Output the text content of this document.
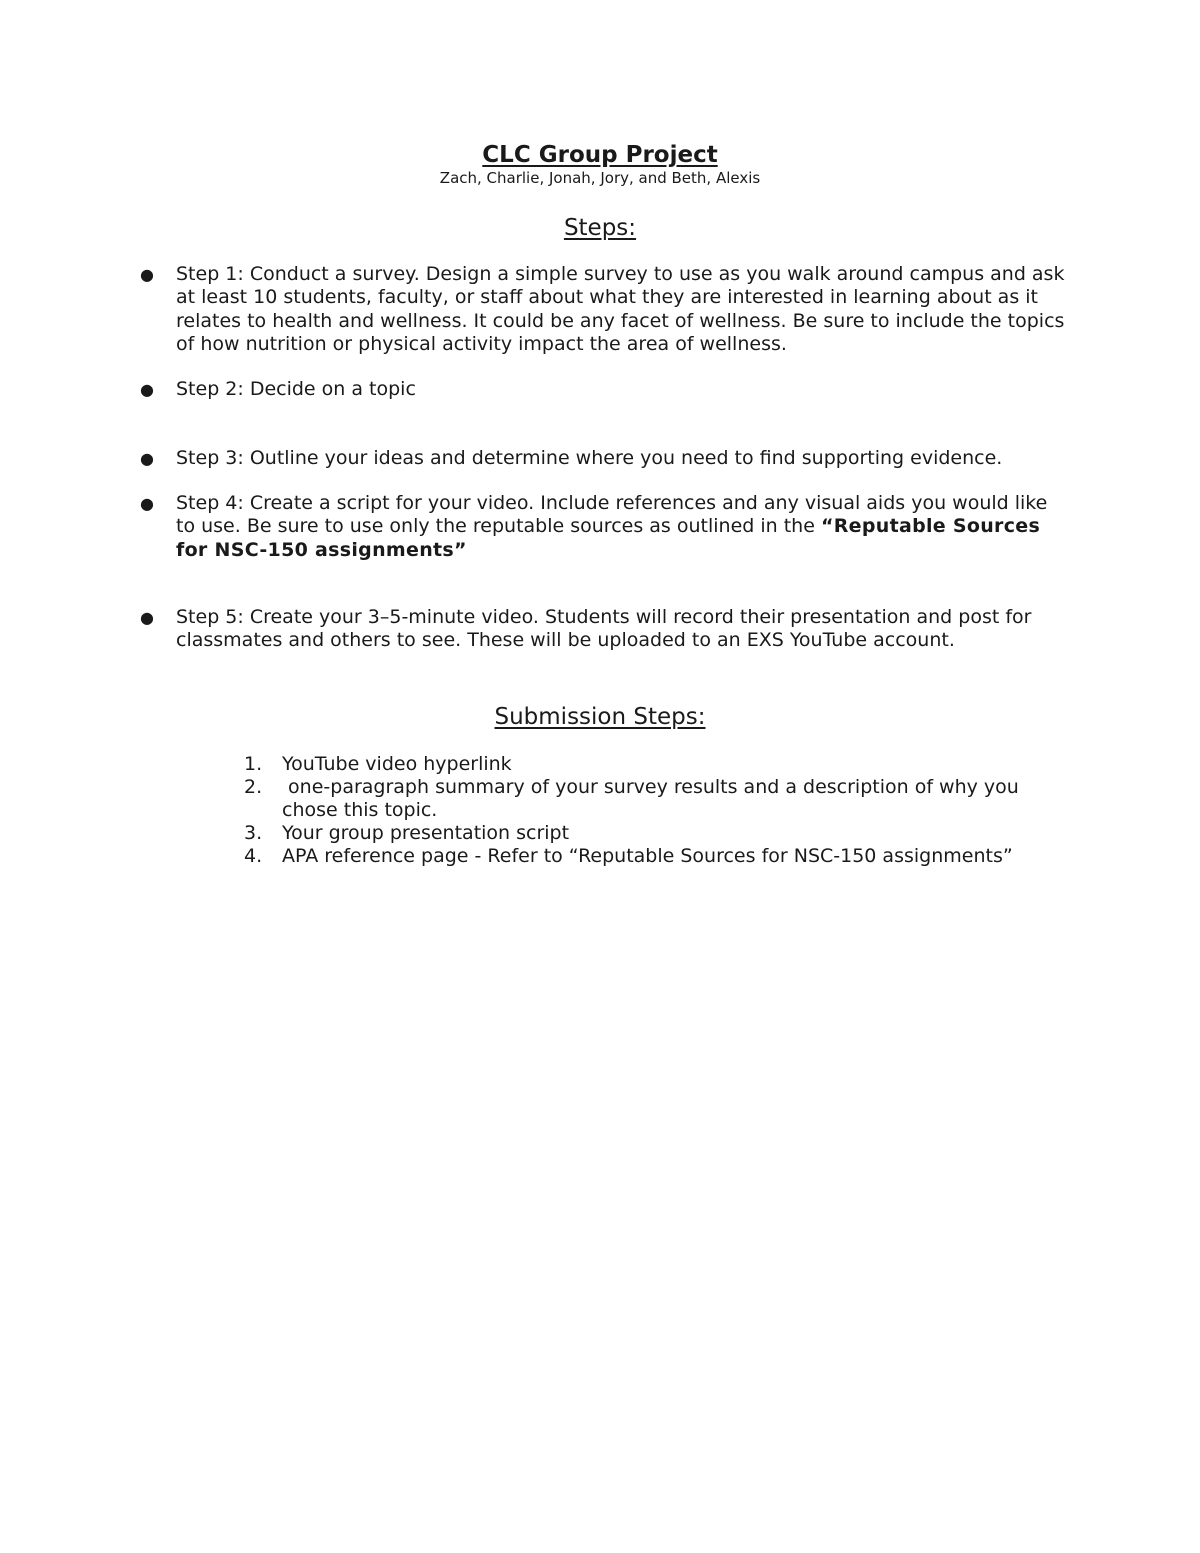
CLC Group Project
Zach, Charlie, Jonah, Jory, and Beth, Alexis
Steps:
● Step 1: Conduct a survey. Design a simple survey to use as you walk around campus and ask at least 10 students, faculty, or staff about what they are interested in learning about as it relates to health and wellness. It could be any facet of wellness. Be sure to include the topics of how nutrition or physical activity impact the area of wellness.
● Step 2: Decide on a topic
● Step 3: Outline your ideas and determine where you need to find supporting evidence.
● Step 4: Create a script for your video. Include references and any visual aids you would like to use. Be sure to use only the reputable sources as outlined in the “Reputable Sources for NSC-150 assignments”
● Step 5: Create your 3–5-minute video. Students will record their presentation and post for classmates and others to see. These will be uploaded to an EXS YouTube account.
Submission Steps:
1.	YouTube video hyperlink
2.	one-paragraph summary of your survey results and a description of why you chose this topic.
3.	Your group presentation script
4.	APA reference page - Refer to “Reputable Sources for NSC-150 assignments”
